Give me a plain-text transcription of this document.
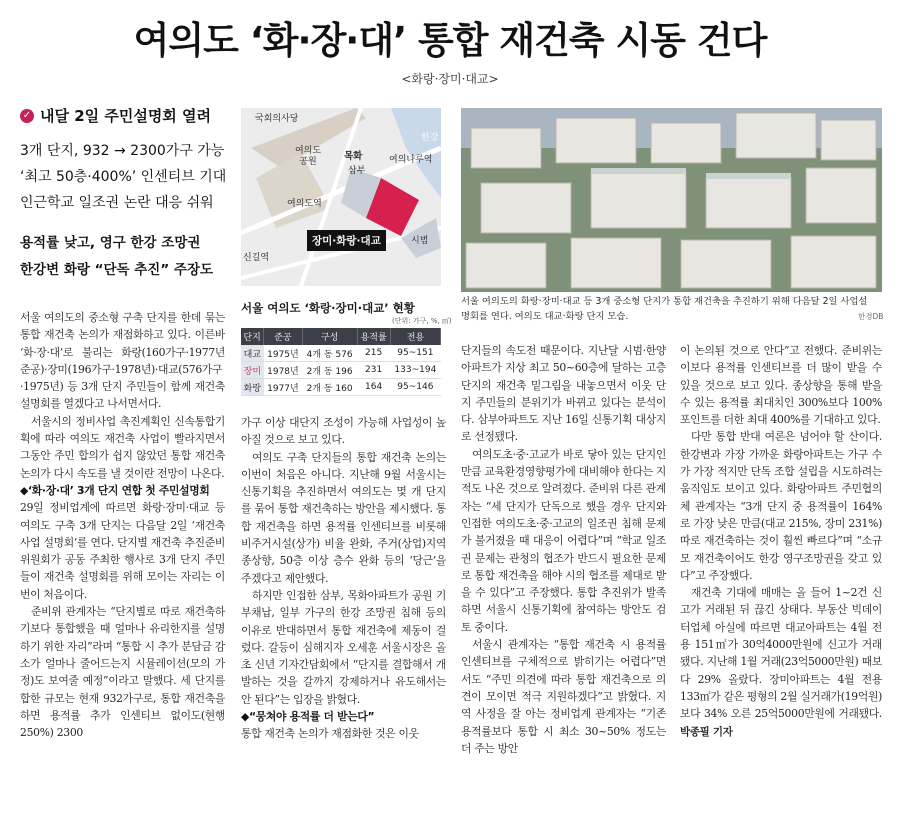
여의도 ‘화·장·대’ 통합 재건축 시동 건다
<화랑·장미·대교>
✓ 내달 2일 주민설명회 열려
3개 단지, 932 → 2300가구 가능
‘최고 50층·400%’ 인센티브 기대
인근학교 일조권 논란 대응 쉬워
용적률 낮고, 영구 한강 조망권
한강변 화랑 “단독 추진” 주장도
국회의사당
한강
여의도 공원	목화
삼부
여의나루역
여의도역
시범
신길역
장미·화랑·대교
서울 여의도 ‘화랑·장미·대교’ 현황
(단위: 가구, %, ㎡)
단지	준공	구성	용적률	전용
대교	1975년	4개 동 576	215	95~151
장미	1978년	2개 동 196	231	133~194
화랑	1977년	2개 동 160	164	95~146
서울 여의도의 화랑·장미·대교 등 3개 중소형 단지가 통합 재건축을 추진하기 위해 다음달 2일 사업설명회를 연다. 여의도 대교·화랑 단지 모습.	한경DB

서울 여의도의 중소형 구축 단지를 한데 묶는 통합 재건축 논의가 재점화하고 있다. 이른바 ‘화·장·대’로 불리는 화랑(160가구·1977년 준공)·장미(196가구·1978년)·대교(576가구·1975년) 등 3개 단지 주민들이 함께 재건축 설명회를 열겠다고 나서면서다.

서울시의 정비사업 촉진계획인 신속통합기획에 따라 여의도 재건축 사업이 빨라지면서 그동안 주민 합의가 쉽지 않았던 통합 재건축 논의가 다시 속도를 낼 것이란 전망이 나온다.

◆‘화·장·대’ 3개 단지 연합 첫 주민설명회

29일 정비업계에 따르면 화랑·장미·대교 등 여의도 구축 3개 단지는 다음달 2일 ‘재건축 사업 설명회’를 연다. 단지별 재건축 추진준비위원회가 공동 주최한 행사로 3개 단지 주민들이 재건축 설명회를 위해 모이는 자리는 이번이 처음이다.

준비위 관계자는 “단지별로 따로 재건축하기보다 통합했을 때 얼마나 유리한지를 설명하기 위한 자리”라며 “통합 시 추가 분담금 감소가 얼마나 줄어드는지 시뮬레이션(모의 가정)도 보여줄 예정”이라고 말했다. 세 단지를 합한 규모는 현재 932가구로, 통합 재건축을 하면 용적률 추가 인센티브 없이도(현행 250%) 2300

가구 이상 대단지 조성이 가능해 사업성이 높아질 것으로 보고 있다.

여의도 구축 단지들의 통합 재건축 논의는 이번이 처음은 아니다. 지난해 9월 서울시는 신통기획을 추진하면서 여의도는 몇 개 단지를 묶어 통합 재건축하는 방안을 제시했다. 통합 재건축을 하면 용적률 인센티브를 비롯해 비주거시설(상가) 비율 완화, 주거(상업)지역 종상향, 50층 이상 층수 완화 등의 ‘당근’을 주겠다고 제안했다.

하지만 인접한 삼부, 목화아파트가 공원 기부채납, 일부 가구의 한강 조망권 침해 등의 이유로 반대하면서 통합 재건축에 제동이 걸렸다. 갈등이 심해지자 오세훈 서울시장은 올초 신년 기자간담회에서 “단지를 결합해서 개발하는 것을 갈까지 강제하거나 유도해서는 안 된다”는 입장을 밝혔다.

◆“뭉쳐야 용적률 더 받는다”

통합 재건축 논의가 재점화한 것은 이웃

단지들의 속도전 때문이다. 지난달 시범·한양아파트가 지상 최고 50~60층에 달하는 고층 단지의 재건축 밑그림을 내놓으면서 이웃 단지 주민들의 분위기가 바뀌고 있다는 분석이다. 삼부아파트도 지난 16일 신통기획 대상지로 선정됐다.

여의도초·중·고교가 바로 닿아 있는 단지인 만큼 교육환경영향평가에 대비해야 한다는 지적도 나온 것으로 알려졌다. 준비위 다른 관계자는 “세 단지가 단독으로 했을 경우 단지와 인접한 여의도초·중·고교의 일조권 침해 문제가 불거졌을 때 대응이 어렵다”며 “학교 일조권 문제는 관청의 협조가 반드시 필요한 문제로 통합 재건축을 해야 시의 협조를 제대로 받을 수 있다”고 주장했다. 통합 추진위가 발족하면 서울시 신통기획에 참여하는 방안도 검토 중이다.

서울시 관계자는 “통합 재건축 시 용적률 인센티브를 구체적으로 밝히기는 어렵다”면서도 “주민 의견에 따라 통합 재건축으로 의견이 모이면 적극 지원하겠다”고 밝혔다. 지역 사정을 잘 아는 정비업계 관계자는 “기존 용적률보다 통합 시 최소 30~50% 정도는 더 주는 방안

이 논의된 것으로 안다”고 전했다. 준비위는 이보다 용적률 인센티브를 더 많이 받을 수 있을 것으로 보고 있다. 종상향을 통해 받을 수 있는 용적률 최대치인 300%보다 100%포인트를 더한 최대 400%를 기대하고 있다.

다만 통합 반대 여론은 넘어야 할 산이다. 한강변과 가장 가까운 화랑아파트는 가구 수가 가장 적지만 단독 조합 설립을 시도하려는 움직임도 보이고 있다. 화랑아파트 주민협의체 관계자는 “3개 단지 중 용적률이 164%로 가장 낮은 만큼(대교 215%, 장미 231%) 따로 재건축하는 것이 훨씬 빠르다”며 “소규모 재건축이어도 한강 영구조망권을 갖고 있다”고 주장했다.

재건축 기대에 매매는 올 들어 1~2건 신고가 거래된 뒤 끊긴 상태다. 부동산 빅데이터업체 아실에 따르면 대교아파트는 4월 전용 151㎡가 30억4000만원에 신고가 거래됐다. 지난해 1월 거래(23억5000만원) 때보다 29% 올랐다. 장미아파트는 4월 전용 133㎡가 같은 평형의 2월 실거래가(19억원)보다 34% 오른 25억5000만원에 거래됐다. 박종필 기자
